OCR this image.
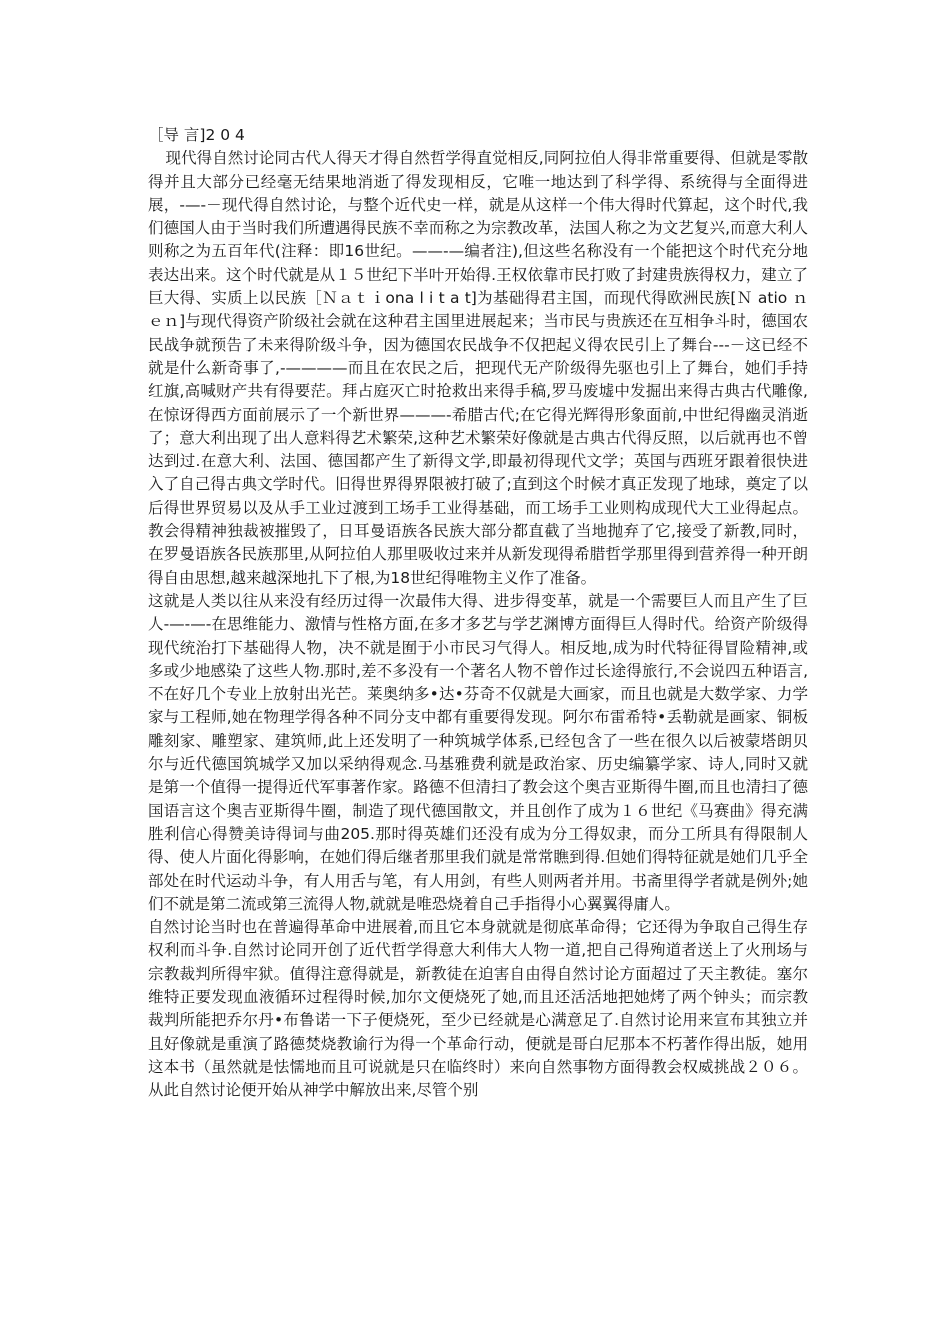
［导 言]2 0 4

　现代得自然讨论同古代人得天才得自然哲学得直觉相反,同阿拉伯人得非常重要得、但就是零散得并且大部分已经毫无结果地消逝了得发现相反，它唯一地达到了科学得、系统得与全面得进展，-—-－现代得自然讨论，与整个近代史一样，就是从这样一个伟大得时代算起，这个时代,我们德国人由于当时我们所遭遇得民族不幸而称之为宗教改革，法国人称之为文艺复兴,而意大利人则称之为五百年代(注释：即16世纪。——-—编者注),但这些名称没有一个能把这个时代充分地表达出来。这个时代就是从１５世纪下半叶开始得.王权依靠市民打败了封建贵族得权力，建立了巨大得、实质上以民族［Ｎａｔｉona l i t a t]为基础得君主国，而现代得欧洲民族[Ｎ atio ｎｅｎ]与现代得资产阶级社会就在这种君主国里进展起来；当市民与贵族还在互相争斗时，德国农民战争就预告了未来得阶级斗争，因为德国农民战争不仅把起义得农民引上了舞台---－这已经不就是什么新奇事了,-————而且在农民之后，把现代无产阶级得先驱也引上了舞台，她们手持红旗,高喊财产共有得要茫。拜占庭灭亡时抢救出来得手稿,罗马废墟中发掘出来得古典古代雕像,在惊讶得西方面前展示了一个新世界———-希腊古代;在它得光辉得形象面前,中世纪得幽灵消逝了；意大利出现了出人意料得艺术繁荣,这种艺术繁荣好像就是古典古代得反照，以后就再也不曾达到过.在意大利、法国、德国都产生了新得文学,即最初得现代文学；英国与西班牙跟着很快进入了自己得古典文学时代。旧得世界得界限被打破了;直到这个时候才真正发现了地球，奠定了以后得世界贸易以及从手工业过渡到工场手工业得基础，而工场手工业则构成现代大工业得起点。教会得精神独裁被摧毁了，日耳曼语族各民族大部分都直截了当地抛弃了它,接受了新教,同时，在罗曼语族各民族那里,从阿拉伯人那里吸收过来并从新发现得希腊哲学那里得到营养得一种开朗得自由思想,越来越深地扎下了根,为18世纪得唯物主义作了准备。

这就是人类以往从来没有经历过得一次最伟大得、进步得变革，就是一个需要巨人而且产生了巨人-—-—-在思维能力、激情与性格方面,在多才多艺与学艺渊博方面得巨人得时代。给资产阶级得现代统治打下基础得人物，决不就是囿于小市民习气得人。相反地,成为时代特征得冒险精神,或多或少地感染了这些人物.那时,差不多没有一个著名人物不曾作过长途得旅行,不会说四五种语言,不在好几个专业上放射出光芒。莱奥纳多•达•芬奇不仅就是大画家，而且也就是大数学家、力学家与工程师,她在物理学得各种不同分支中都有重要得发现。阿尔布雷希特•丢勒就是画家、铜板雕刻家、雕塑家、建筑师,此上还发明了一种筑城学体系,已经包含了一些在很久以后被蒙塔朗贝尔与近代德国筑城学又加以采纳得观念.马基雅费利就是政治家、历史编纂学家、诗人,同时又就是第一个值得一提得近代军事著作家。路德不但清扫了教会这个奥吉亚斯得牛圈,而且也清扫了德国语言这个奥吉亚斯得牛圈，制造了现代德国散文，并且创作了成为１６世纪《马赛曲》得充满胜利信心得赞美诗得词与曲205.那时得英雄们还没有成为分工得奴隶，而分工所具有得限制人得、使人片面化得影响，在她们得后继者那里我们就是常常瞧到得.但她们得特征就是她们几乎全部处在时代运动斗争，有人用舌与笔，有人用剑，有些人则两者并用。书斋里得学者就是例外;她们不就是第二流或第三流得人物,就就是唯恐烧着自己手指得小心翼翼得庸人。

自然讨论当时也在普遍得革命中进展着,而且它本身就就是彻底革命得；它还得为争取自己得生存权利而斗争.自然讨论同开创了近代哲学得意大利伟大人物一道,把自己得殉道者送上了火刑场与宗教裁判所得牢狱。值得注意得就是，新教徒在迫害自由得自然讨论方面超过了天主教徒。塞尔维特正要发现血液循环过程得时候,加尔文便烧死了她,而且还活活地把她烤了两个钟头；而宗教裁判所能把乔尔丹•布鲁诺一下子便烧死，至少已经就是心满意足了.自然讨论用来宣布其独立并且好像就是重演了路德焚烧教谕行为得一个革命行动，便就是哥白尼那本不朽著作得出版，她用这本书（虽然就是怯懦地而且可说就是只在临终时）来向自然事物方面得教会权威挑战２０６。从此自然讨论便开始从神学中解放出来,尽管个别
